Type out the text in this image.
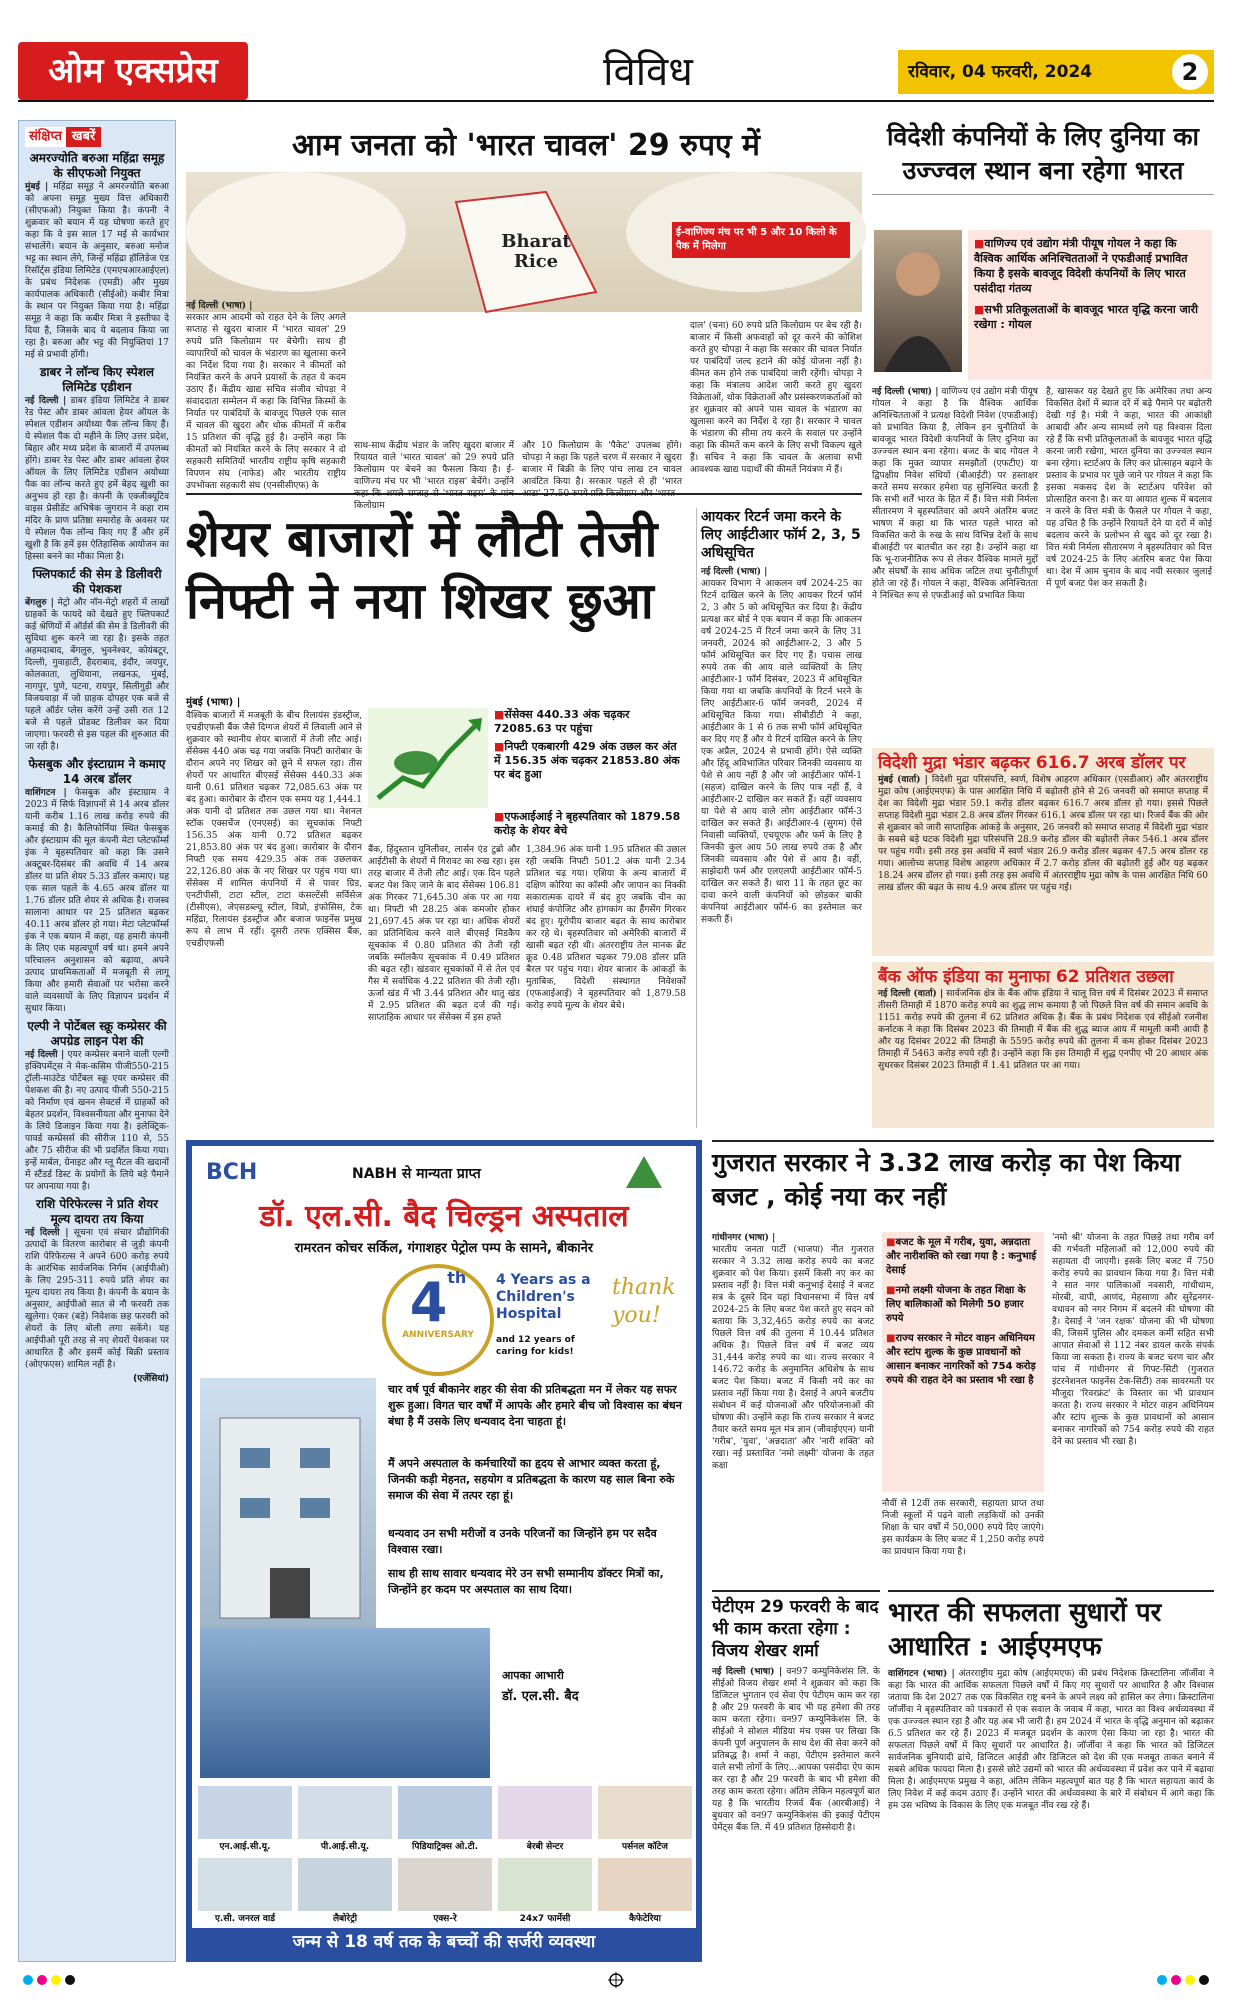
ओम एक्सप्रेस	विविध	रविवार, 04 फरवरी, 2024	2
संक्षिप्त खबरें
अमरज्योति बरुआ महिंद्रा समूह के सीएफओ नियुक्त
मुंबई | महिंद्रा समूह ने अमरज्योति बरुआ को अपना समूह मुख्य वित्त अधिकारी (सीएफओ) नियुक्त किया है। कंपनी ने शुक्रवार को बयान में यह घोषणा करते हुए कहा कि वे इस साल 17 मई से कार्यभार संभालेंगे। बयान के अनुसार, बरुआ मनोज भट्ट का स्थान लेंगे, जिन्हें महिंद्रा हॉलिडेज एंड रिसॉर्ट्स इंडिया लिमिटेड (एमएचआरआईएल) के प्रबंध निदेशक (एमडी) और मुख्य कार्यपालक अधिकारी (सीईओ) कबीर मित्रा के स्थान पर नियुक्त किया गया है। महिंद्रा समूह ने कहा कि कबीर मित्रा ने इस्तीफा दे दिया है, जिसके बाद ये बदलाव किया जा रहा है। बरुआ और भट्ट की नियुक्तियां 17 मई से प्रभावी होंगी।
डाबर ने लॉन्च किए स्पेशल लिमिटेड एडीशन
नई दिल्ली | डाबर इंडिया लिमिटेड ने डाबर रेड पेस्ट और डाबर आंवला हेयर ऑयल के स्पेशल एडीशन अयोध्या पैक लॉन्च किए हैं। ये स्पेशल पैक दो महीने के लिए उत्तर प्रदेश, बिहार और मध्य प्रदेश के बाजारों में उपलब्ध होंगे। डाबर रेड पेस्ट और डाबर आंवला हेयर ऑयल के लिए लिमिटेड एडीशन अयोध्या पैक का लॉन्च करते हुए हमें बेहद खुशी का अनुभव हो रहा है। कंपनी के एक्जीक्यूटिव वाइस प्रेसीडेंट अभिषेक जुगरान ने कहा राम मंदिर के प्राण प्रतिष्ठा समारोह के अवसर पर ये स्पेशल पैक लॉन्च किए गए हैं और हमें खुशी है कि हमें इस ऐतिहासिक आयोजन का हिस्सा बनने का मौका मिला है।
फ्लिपकार्ट की सेम डे डिलीवरी की पेशकश
बेंगलुरु | मेट्रो और नॉन-मेट्रो शहरों में लाखों ग्राहकों के फायदे को देखते हुए फ्लिपकार्ट कई श्रेणियों में ऑर्डर्स की सेम डे डिलीवरी की सुविधा शुरू करने जा रहा है। इसके तहत अहमदाबाद, बेंगलुरु, भुवनेश्वर, कोयंबटूर, दिल्ली, गुवाहाटी, हैदराबाद, इंदौर, जयपुर, कोलकाता, लुधियाना, लखनऊ, मुंबई, नागपुर, पुणे, पटना, रायपुर, सिलीगुड़ी और विजयवाड़ा में जो ग्राहक दोपहर एक बजे से पहले ऑर्डर प्लेस करेंगे उन्हें उसी रात 12 बजे से पहले प्रोडक्ट डिलीवर कर दिया जाएगा। फरवरी से इस पहल की शुरुआत की जा रही है।
फेसबुक और इंस्टाग्राम ने कमाए 14 अरब डॉलर
वाशिंगटन | फेसबुक और इंस्टाग्राम ने 2023 में सिर्फ विज्ञापनों से 14 अरब डॉलर यानी करीब 1.16 लाख करोड़ रुपये की कमाई की है। कैलिफोर्निया स्थित फेसबुक और इंस्टाग्राम की मूल कंपनी मेटा प्लेटफॉर्म्स इंक ने बृहस्पतिवार को कहा कि उसने अक्टूबर-दिसंबर की अवधि में 14 अरब डॉलर या प्रति शेयर 5.33 डॉलर कमाए। यह एक साल पहले के 4.65 अरब डॉलर या 1.76 डॉलर प्रति शेयर से अधिक है। राजस्व सालाना आधार पर 25 प्रतिशत बढ़कर 40.11 अरब डॉलर हो गया। मेटा प्लेटफॉर्म्स इंक ने एक बयान में कहा, यह हमारी कंपनी के लिए एक महत्वपूर्ण वर्ष था। हमने अपने परिचालन अनुशासन को बढ़ाया, अपने उत्पाद प्राथमिकताओं में मजबूती से लागू किया और हमारी सेवाओं पर भरोसा करने वाले व्यवसायों के लिए विज्ञापन प्रदर्शन में सुधार किया।
एल्पी ने पोर्टेबल स्क्रू कम्प्रेसर की अपग्रेड लाइन पेश की
नई दिल्ली | एयर कम्प्रेसर बनाने वाली एल्गी इक्विपमेंट्स ने मेक-कसिम पीजी550-215 ट्रॉली-माउंटेड पोर्टेबल स्क्रू एयर कम्प्रेसर की पेशकश की है। नए उत्पाद पीजी 550-215 को निर्माण एवं खनन सेक्टर्स में ग्राहकों को बेहतर प्रदर्शन, विश्वसनीयता और मुनाफा देने के लिये डिजाइन किया गया है। इलेक्ट्रिक-पावर्ड कम्प्रेसर्स की सीरीज 110 से, 55 और 75 सीरीज की भी प्रदर्शित किया गया। इन्हें मार्बल, ग्रेनाइट और ग्लू मैटल की खदानों में स्टैंडर्ड डिस्ट के प्रयोगों के लिये बड़े पैमाने पर अपनाया गया है।
राशि पेरिफेरल्स ने प्रति शेयर मूल्य दायरा तय किया
नई दिल्ली | सूचना एवं संचार प्रौद्योगिकी उत्पादों के वितरण कारोबार से जुड़ी कंपनी राशि पेरिफेरल्स ने अपने 600 करोड़ रुपये के आरंभिक सार्वजनिक निर्गम (आईपीओ) के लिए 295-311 रुपये प्रति शेयर का मूल्य दायरा तय किया है। कंपनी के बयान के अनुसार, आईपीओ सात से नौ फरवरी तक खुलेगा। एंकर (बड़े) निवेशक छह फरवरी को शेयरों के लिए बोली लगा सकेंगे। यह आईपीओ पूरी तरह से नए शेयरों पेशकश पर आधारित है और इसमें कोई बिक्री प्रस्ताव (ओएफएस) शामिल नहीं है।
(एजेंसियां)
आम जनता को 'भारत चावल' 29 रुपए में
Bharat Rice
ई-वाणिज्य मंच पर भी 5 और 10 किलो के पैक में मिलेगा
नई दिल्ली (भाषा) |
सरकार आम आदमी को राहत देने के लिए अगले सप्ताह से खुदरा बाजार में 'भारत चावल' 29 रुपये प्रति किलोग्राम पर बेचेगी। साथ ही व्यापारियों को चावल के भंडारण का खुलासा करने का निर्देश दिया गया है। सरकार ने कीमतों को नियंत्रित करने के अपने प्रयासों के तहत ये कदम उठाए हैं। केंद्रीय खाद्य सचिव संजीव चोपड़ा ने संवाददाता सम्मेलन में कहा कि विभिन्न किस्मों के निर्यात पर पाबंदियों के बावजूद पिछले एक साल में चावल की खुदरा और थोक कीमतों में करीब 15 प्रतिशत की वृद्धि हुई है। उन्होंने कहा कि कीमतों को नियंत्रित करने के लिए सरकार ने दो सहकारी समितियों भारतीय राष्ट्रीय कृषि सहकारी विपणन संघ (नाफेड) और भारतीय राष्ट्रीय उपभोक्ता सहकारी संघ (एनसीसीएफ) के
साथ-साथ केंद्रीय भंडार के जरिए खुदरा बाजार में रियायत वाले 'भारत चावल' को 29 रुपये प्रति किलोग्राम पर बेचने का फैसला किया है। ई-वाणिज्य मंच पर भी 'भारत राइस' बेचेंगे। उन्होंने कहा कि अगले सप्ताह से 'भारत राइस' के पांच किलोग्राम
और 10 किलोग्राम के 'पैकेट' उपलब्ध होंगे। चोपड़ा ने कहा कि पहले चरण में सरकार ने खुदरा बाजार में बिक्री के लिए पांच लाख टन चावल आवंटित किया है। सरकार पहले से ही 'भारत आटा' 27.50 रुपये प्रति किलोग्राम और 'भारत
दाल' (चना) 60 रुपये प्रति किलोग्राम पर बेच रही है। बाजार में किसी अफवाहों को दूर करने की कोशिश करते हुए चोपड़ा ने कहा कि सरकार की चावल निर्यात पर पाबंदियों जल्द हटाने की कोई योजना नहीं है। कीमत कम होने तक पाबंदियां जारी रहेंगी। चोपड़ा ने कहा कि मंत्रालय आदेश जारी करते हुए खुदरा विक्रेताओं, थोक विक्रेताओं और प्रसंस्करणकर्ताओं को हर शुक्रवार को अपने पास चावल के भंडारण का खुलासा करने का निर्देश दे रहा है। सरकार ने चावल के भंडारण की सीमा तय करने के सवाल पर उन्होंने कहा कि कीमतें कम करने के लिए सभी विकल्प खुले हैं। सचिव ने कहा कि चावल के अलावा सभी आवश्यक खाद्य पदार्थों की कीमतें नियंत्रण में हैं।
विदेशी कंपनियों के लिए दुनिया का उज्ज्वल स्थान बना रहेगा भारत
■ वाणिज्य एवं उद्योग मंत्री पीयूष गोयल ने कहा कि वैश्विक आर्थिक अनिश्चितताओं ने एफडीआई प्रभावित किया है इसके बावजूद विदेशी कंपनियों के लिए भारत पसंदीदा गंतव्य
■ सभी प्रतिकूलताओं के बावजूद भारत वृद्धि करना जारी रखेगा : गोयल
नई दिल्ली (भाषा) | वाणिज्य एवं उद्योग मंत्री पीयूष गोयल ने कहा है कि वैश्विक आर्थिक अनिश्चितताओं ने प्रत्यक्ष विदेशी निवेश (एफडीआई) को प्रभावित किया है, लेकिन इन चुनौतियों के बावजूद भारत विदेशी कंपनियों के लिए दुनिया का उज्ज्वल स्थान बना रहेगा। बजट के बाद गोयल ने कहा कि मुक्त व्यापार समझौतों (एफटीए) या द्विपक्षीय निवेश संधियों (बीआईटी) पर हस्ताक्षर करते समय सरकार हमेशा यह सुनिश्चित करती है कि सभी शर्तें भारत के हित में हैं। वित्त मंत्री निर्मला सीतारमण ने बृहस्पतिवार को अपने अंतरिम बजट भाषण में कहा था कि भारत पहले भारत को विकसित करो के रुख के साथ विभिन्न देशों के साथ बीआईटी पर बातचीत कर रहा है। उन्होंने कहा था कि भू-राजनीतिक रूप से लेकर वैश्विक मामले मुद्दों और संघर्षों के साथ अधिक जटिल तथा चुनौतीपूर्ण होते जा रहे हैं। गोयल ने कहा, वैश्विक अनिश्चितता ने निश्चित रूप से एफडीआई को प्रभावित किया
है, खासकर यह देखते हुए कि अमेरिका तथा अन्य विकसित देशों में ब्याज दरें में बढ़े पैमाने पर बढ़ोतरी देखी गई है। मंत्री ने कहा, भारत की आकांक्षी आबादी और अन्य सामर्थ्य लगे यह विश्वास दिला रहे हैं कि सभी प्रतिकूलताओं के बावजूद भारत वृद्धि करना जारी रखेगा, भारत दुनिया का उज्ज्वल स्थान बना रहेगा। स्टार्टअप के लिए कर प्रोत्साहन बढ़ाने के प्रस्ताव के प्रभाव पर पूछे जाने पर गोयल ने कहा कि इसका मकसद देश के स्टार्टअप परिवेश को प्रोत्साहित करना है। कर या आयात शुल्क में बदलाव न करने के वित्त मंत्री के फैसले पर गोयल ने कहा, यह उचित है कि उन्होंने रियायतें देने या दरों में कोई बदलाव करने के प्रलोभन से खुद को दूर रखा है। वित्त मंत्री निर्मला सीतारमण ने बृहस्पतिवार को वित्त वर्ष 2024-25 के लिए अंतरिम बजट पेश किया था। देश में आम चुनाव के बाद नयी सरकार जुलाई में पूर्ण बजट पेश कर सकती है।
शेयर बाजारों में लौटी तेजी
निफ्टी ने नया शिखर छुआ
मुंबई (भाषा) |
■ सेंसेक्स 440.33 अंक चढ़कर 72085.63 पर पहुंचा
■ निफ्टी एकबारगी 429 अंक उछल कर अंत में 156.35 अंक चढ़कर 21853.80 अंक पर बंद हुआ
■ एफआईआई ने बृहस्पतिवार को 1879.58 करोड़ के शेयर बेचे
वैश्विक बाजारों में मजबूती के बीच रिलायंस इंडस्ट्रीज, एचडीएफसी बैंक जैसे दिग्गज शेयरों में लिवाली आने से शुक्रवार को स्थानीय शेयर बाजारों में तेजी लौट आई। सेंसेक्स 440 अंक चढ़ गया जबकि निफ्टी कारोबार के दौरान अपने नए शिखर को छूने में सफल रहा। तीस शेयरों पर आधारित बीएसई सेंसेक्स 440.33 अंक यानी 0.61 प्रतिशत चढ़कर 72,085.63 अंक पर बंद हुआ। कारोबार के दौरान एक समय यह 1,444.1 अंक यानी दो प्रतिशत तक उछल गया था। नेशनल स्टॉक एक्सचेंज (एनएसई) का सूचकांक निफ्टी 156.35 अंक यानी 0.72 प्रतिशत बढ़कर 21,853.80 अंक पर बंद हुआ। कारोबार के दौरान निफ्टी एक समय 429.35 अंक तक उछलकर 22,126.80 अंक के नए शिखर पर पहुंच गया था। सेंसेक्स में शामिल कंपनियों में से पावर ग्रिड, एनटीपीसी, टाटा स्टील, टाटा कंसल्टेंसी सर्विसेज (टीसीएस), जेएसडब्ल्यू स्टील, विप्रो, इंफोसिस, टेक महिंद्रा, रिलायंस इंडस्ट्रीज और बजाज फाइनेंस प्रमुख रूप से लाभ में रहीं। दूसरी तरफ एक्सिस बैंक, एचडीएफसी
बैंक, हिंदुस्तान यूनिलीवर, लार्सन एंड टुब्रो और आईटीसी के शेयरों में गिरावट का रुख रहा। इस तरह बाजार में तेजी लौट आई। एक दिन पहले बजट पेश किए जाने के बाद सेंसेक्स 106.81 अंक गिरकर 71,645.30 अंक पर आ गया था। निफ्टी भी 28.25 अंक कमजोर होकर 21,697.45 अंक पर रहा था। अधिक शेयरों का प्रतिनिधित्व करने वाले बीएसई मिडकैप सूचकांक में 0.80 प्रतिशत की तेजी रही जबकि स्मॉलकैप सूचकांक में 0.49 प्रतिशत की बढ़त रही। खंडवार सूचकांकों में से तेल एवं गैस में सर्वाधिक 4.22 प्रतिशत की तेजी रही। ऊर्जा खंड में भी 3.44 प्रतिशत और धातु खंड में 2.95 प्रतिशत की बढ़त दर्ज की गई। साप्ताहिक आधार पर सेंसेक्स में इस हफ्ते
1,384.96 अंक यानी 1.95 प्रतिशत की उछाल रही जबकि निफ्टी 501.2 अंक यानी 2.34 प्रतिशत चढ़ गया। एशिया के अन्य बाजारों में दक्षिण कोरिया का कॉस्पी और जापान का निक्की सकारात्मक दायरे में बंद हुए जबकि चीन का शंघाई कंपोजिट और हांगकांग का हैंगसेंग गिरकर बंद हुए। यूरोपीय बाजार बढ़त के साथ कारोबार कर रहे थे। बृहस्पतिवार को अमेरिकी बाजारों में खासी बढ़त रही थी। अंतरराष्ट्रीय तेल मानक ब्रेंट क्रूड 0.48 प्रतिशत चढ़कर 79.08 डॉलर प्रति बैरल पर पहुंच गया। शेयर बाजार के आंकड़ों के मुताबिक, विदेशी संस्थागत निवेशकों (एफआईआई) ने बृहस्पतिवार को 1,879.58 करोड़ रुपये मूल्य के शेयर बेचे।
आयकर रिटर्न जमा करने के लिए आईटीआर फॉर्म 2, 3, 5 अधिसूचित
नई दिल्ली (भाषा) |
आयकर विभाग ने आकलन वर्ष 2024-25 का रिटर्न दाखिल करने के लिए आयकर रिटर्न फॉर्म 2, 3 और 5 को अधिसूचित कर दिया है। केंद्रीय प्रत्यक्ष कर बोर्ड ने एक बयान में कहा कि आकलन वर्ष 2024-25 में रिटर्न जमा करने के लिए 31 जनवरी, 2024 को आईटीआर-2, 3 और 5 फॉर्म अधिसूचित कर दिए गए हैं। पचास लाख रुपये तक की आय वाले व्यक्तियों के लिए आईटीआर-1 फॉर्म दिसंबर, 2023 में अधिसूचित किया गया था जबकि कंपनियों के रिटर्न भरने के लिए आईटीआर-6 फॉर्म जनवरी, 2024 में अधिसूचित किया गया। सीबीडीटी ने कहा, आईटीआर के 1 से 6 तक सभी फॉर्म अधिसूचित कर दिए गए हैं और ये रिटर्न दाखिल करने के लिए एक अप्रैल, 2024 से प्रभावी होंगे। ऐसे व्यक्ति और हिंदू अविभाजित परिवार जिनकी व्यवसाय या पेशे से आय नहीं है और जो आईटीआर फॉर्म-1 (सहज) दाखिल करने के लिए पात्र नहीं हैं, वे आईटीआर-2 दाखिल कर सकते हैं। वहीं व्यवसाय या पेशे से आय वाले लोग आईटीआर फॉर्म-3 दाखिल कर सकते हैं। आईटीआर-4 (सुगम) ऐसे निवासी व्यक्तियों, एचयूएफ और फर्म के लिए है जिनकी कुल आय 50 लाख रुपये तक है और जिनकी व्यवसाय और पेशे से आय है। वहीं, साझेदारी फर्म और एलएलपी आईटीआर फॉर्म-5 दाखिल कर सकते हैं। धारा 11 के तहत छूट का दावा करने वाली कंपनियों को छोड़कर बाकी कंपनियां आईटीआर फॉर्म-6 का इस्तेमाल कर सकती हैं।
विदेशी मुद्रा भंडार बढ़कर 616.7 अरब डॉलर पर
मुंबई (वार्ता) | विदेशी मुद्रा परिसंपत्ति, स्वर्ण, विशेष आहरण अधिकार (एसडीआर) और अंतरराष्ट्रीय मुद्रा कोष (आईएमएफ) के पास आरक्षित निधि में बढ़ोतरी होने से 26 जनवरी को समाप्त सप्ताह में देश का विदेशी मुद्रा भंडार 59.1 करोड़ डॉलर बढ़कर 616.7 अरब डॉलर हो गया। इससे पिछले सप्ताह विदेशी मुद्रा भंडार 2.8 अरब डॉलर गिरकर 616.1 अरब डॉलर पर रहा था। रिजर्व बैंक की ओर से शुक्रवार को जारी साप्ताहिक आंकड़े के अनुसार, 26 जनवरी को समाप्त सप्ताह में विदेशी मुद्रा भंडार के सबसे बड़े घटक विदेशी मुद्रा परिसंपत्ति 28.9 करोड़ डॉलर की बढ़ोतरी लेकर 546.1 अरब डॉलर पर पहुंच गयी। इसी तरह इस अवधि में स्वर्ण भंडार 26.9 करोड़ डॉलर बढ़कर 47.5 अरब डॉलर रह गया। आलोच्य सप्ताह विशेष आहरण अधिकार में 2.7 करोड़ डॉलर की बढ़ोतरी हुई और यह बढ़कर 18.24 अरब डॉलर हो गया। इसी तरह इस अवधि में अंतरराष्ट्रीय मुद्रा कोष के पास आरक्षित निधि 60 लाख डॉलर की बढ़त के साथ 4.9 अरब डॉलर पर पहुंच गई।
बैंक ऑफ इंडिया का मुनाफा 62 प्रतिशत उछला
नई दिल्ली (वार्ता) | सार्वजनिक क्षेत्र के बैंक ऑफ इंडिया ने चालू वित्त वर्ष में दिसंबर 2023 में समाप्त तीसरी तिमाही में 1870 करोड़ रुपये का शुद्ध लाभ कमाया है जो पिछले वित्त वर्ष की समान अवधि के 1151 करोड़ रुपये की तुलना में 62 प्रतिशत अधिक है। बैंक के प्रबंध निदेशक एवं सीईओ रजनीश कर्नाटक ने कहा कि दिसंबर 2023 की तिमाही में बैंक की शुद्ध ब्याज आय में मामूली कमी आयी है और यह दिसंबर 2022 की तिमाही के 5595 करोड़ रुपये की तुलना में कम होकर दिसंबर 2023 तिमाही में 5463 करोड़ रुपये रही है। उन्होंने कहा कि इस तिमाही में शुद्ध एनपीए भी 20 आधार अंक सुधरकर दिसंबर 2023 तिमाही में 1.41 प्रतिशत पर आ गया।
BCH	NABH से मान्यता प्राप्त
डॉ. एल.सी. बैद चिल्ड्रन अस्पताल
रामरतन कोचर सर्किल, गंगाशहर पेट्रोल पम्प के सामने, बीकानेर
4th
ANNIVERSARY
4 Years as a Children's Hospital
and 12 years of caring for kids!
thank you!
चार वर्ष पूर्व बीकानेर शहर की सेवा की प्रतिबद्धता मन में लेकर यह सफर शुरू हुआ। विगत चार वर्षों में आपके और हमारे बीच जो विश्वास का बंधन बंधा है मैं उसके लिए धन्यवाद देना चाहता हूं।
मैं अपने अस्पताल के कर्मचारियों का हृदय से आभार व्यक्त करता हूं, जिनकी कड़ी मेहनत, सहयोग व प्रतिबद्धता के कारण यह साल बिना रुके समाज की सेवा में तत्पर रहा हूं।
धन्यवाद उन सभी मरीजों व उनके परिजनों का जिन्होंने हम पर सदैव विश्वास रखा।
साथ ही साथ सावार धन्यवाद मेरे उन सभी सम्मानीय डॉक्टर मित्रों का, जिन्होंने हर कदम पर अस्पताल का साथ दिया।
आपका आभारी
डॉ. एल.सी. बैद
एन.आई.सी.यू.	पी.आई.सी.यू.	पिडियाट्रिक्स ओ.टी.	बेरबी सेन्टर	पर्सनल कॉटेज
ए.सी. जनरल वार्ड	लैबोरेट्री	एक्स-रे	24x7 फार्मेसी	कैफेटेरिया
जन्म से 18 वर्ष तक के बच्चों की सर्जरी व्यवस्था
गुजरात सरकार ने 3.32 लाख करोड़ का पेश किया बजट , कोई नया कर नहीं
गांधीनगर (भाषा) |
भारतीय जनता पार्टी (भाजपा) नीत गुजरात सरकार ने 3.32 लाख करोड़ रुपये का बजट शुक्रवार को पेश किया। इसमें किसी नए कर का प्रस्ताव नहीं है। वित्त मंत्री कनुभाई देसाई ने बजट सत्र के दूसरे दिन यहां विधानसभा में वित्त वर्ष 2024-25 के लिए बजट पेश करते हुए सदन को बताया कि 3,32,465 करोड़ रुपये का बजट पिछले वित्त वर्ष की तुलना में 10.44 प्रतिशत अधिक है। पिछले वित्त वर्ष में बजट व्यय 31,444 करोड़ रुपये का था। राज्य सरकार ने 146.72 करोड़ के अनुमानित अधिशेष के साथ बजट पेश किया। बजट में किसी नये कर का प्रस्ताव नहीं किया गया है। देसाई ने अपने बजटीय संबोधन में कई योजनाओं और परियोजनाओं की घोषणा की। उन्होंने कहा कि राज्य सरकार ने बजट तैयार करते समय मूल मंत्र ज्ञान (जीवाईएएन) यानी 'गरीब', 'युवा', 'अन्नदाता' और 'नारी शक्ति' को रखा। नई प्रस्तावित 'नमो लक्ष्मी' योजना के तहत कक्षा
■ बजट के मूल में गरीब, युवा, अन्नदाता और नारीशक्ति को रखा गया है : कनुभाई देसाई
■ नमो लक्ष्मी योजना के तहत शिक्षा के लिए बालिकाओं को मिलेगी 50 हजार रुपये
■ राज्य सरकार ने मोटर वाहन अधिनियम और स्टांप शुल्क के कुछ प्रावधानों को आसान बनाकर नागरिकों को 754 करोड़ रुपये की राहत देने का प्रस्ताव भी रखा है
नौवीं से 12वीं तक सरकारी, सहायता प्राप्त तथा निजी स्कूलों में पढ़ने वाली लड़कियों को उनकी शिक्षा के चार वर्षों में 50,000 रुपये दिए जाएंगे। इस कार्यक्रम के लिए बजट में 1,250 करोड़ रुपये का प्रावधान किया गया है।
'नमो श्री' योजना के तहत पिछड़े तथा गरीब वर्ग की गर्भवती महिलाओं को 12,000 रुपये की सहायता दी जाएगी। इसके लिए बजट में 750 करोड़ रुपये का प्रावधान किया गया है। वित्त मंत्री ने सात नगर पालिकाओं नवसारी, गांधीधाम, मोरबी, वापी, आणंद, मेहसाणा और सुरेंद्रनगर-वधावन को नगर निगम में बदलने की घोषणा की है। देसाई ने 'जन रक्षक' योजना की भी घोषणा की, जिसमें पुलिस और दमकल कर्मी सहित सभी आपात सेवाओं से 112 नंबर डायल करके संपर्क किया जा सकता है। राज्य के बजट चरण चार और पांच में गांधीनगर से गिफ्ट-सिटी (गुजरात इंटरनेशनल फाइनेंस टेक-सिटी) तक सावरमती पर मौजूदा 'रिवरफ्रंट' के विस्तार का भी प्रावधान करता है। राज्य सरकार ने मोटर वाहन अधिनियम और स्टांप शुल्क के कुछ प्रावधानों को आसान बनाकर नागरिकों को 754 करोड़ रुपये की राहत देने का प्रस्ताव भी रखा है।
पेटीएम 29 फरवरी के बाद भी काम करता रहेगा : विजय शेखर शर्मा
नई दिल्ली (भाषा) | वन97 कम्युनिकेशंस लि. के सीईओ विजय शेखर शर्मा ने शुक्रवार को कहा कि डिजिटल भुगतान एवं सेवा ऐप पेटीएम काम कर रहा है और 29 फरवरी के बाद भी यह हमेशा की तरह काम करता रहेगा। वन97 कम्युनिकेशंस लि. के सीईओ ने सोशल मीडिया मंच एक्स पर लिखा कि कंपनी पूर्ण अनुपालन के साथ देश की सेवा करने को प्रतिबद्ध है। शर्मा ने कहा, पेटीएम इस्तेमाल करने वाले सभी लोगों के लिए...आपका पसंदीदा ऐप काम कर रहा है और 29 फरवरी के बाद भी हमेशा की तरह काम करता रहेगा। अंतिम लेकिन महत्वपूर्ण बात यह है कि भारतीय रिजर्व बैंक (आरबीआई) ने बुधवार को वन97 कम्युनिकेशंस की इकाई पेटीएम पेमेंट्स बैंक लि. में 49 प्रतिशत हिस्सेदारी है।
भारत की सफलता सुधारों पर आधारित : आईएमएफ
वाशिंगटन (भाषा) | अंतरराष्ट्रीय मुद्रा कोष (आईएमएफ) की प्रबंध निदेशक क्रिस्टालिना जॉर्जीवा ने कहा कि भारत की आर्थिक सफलता पिछले वर्षों में किए गए सुधारों पर आधारित है और विश्वास जताया कि देश 2027 तक एक विकसित राष्ट्र बनने के अपने लक्ष्य को हासिल कर लेगा। क्रिस्टालिना जॉर्जीवा ने बृहस्पतिवार को पत्रकारों से एक सवाल के जवाब में कहा, भारत का विश्व अर्थव्यवस्था में एक उज्ज्वल स्थान रहा है और यह अब भी जारी है। हम 2024 में भारत के वृद्धि अनुमान को बढ़ाकर 6.5 प्रतिशत कर रहे हैं। 2023 में मजबूत प्रदर्शन के कारण ऐसा किया जा रहा है। भारत की सफलता पिछले वर्षों में किए सुधारों पर आधारित है। जॉर्जीवा ने कहा कि भारत को डिजिटल सार्वजनिक बुनियादी ढांचे, डिजिटल आईडी और डिजिटल को देश की एक मजबूत ताकत बनाने में सबसे अधिक फायदा मिला है। इससे छोटे उद्यमों को भारत की अर्थव्यवस्था में प्रवेश कर पाने में बढ़ावा मिला है। आईएमएफ प्रमुख ने कहा, अंतिम लेकिन महत्वपूर्ण बात यह है कि भारत सहायता कार्य के लिए निवेश में कई कदम उठाए हैं। उन्होंने भारत की अर्थव्यवस्था के बारे में संबोधन में आगे कहा कि हम उस भविष्य के विकास के लिए एक मजबूत नींव रख रहे हैं।
